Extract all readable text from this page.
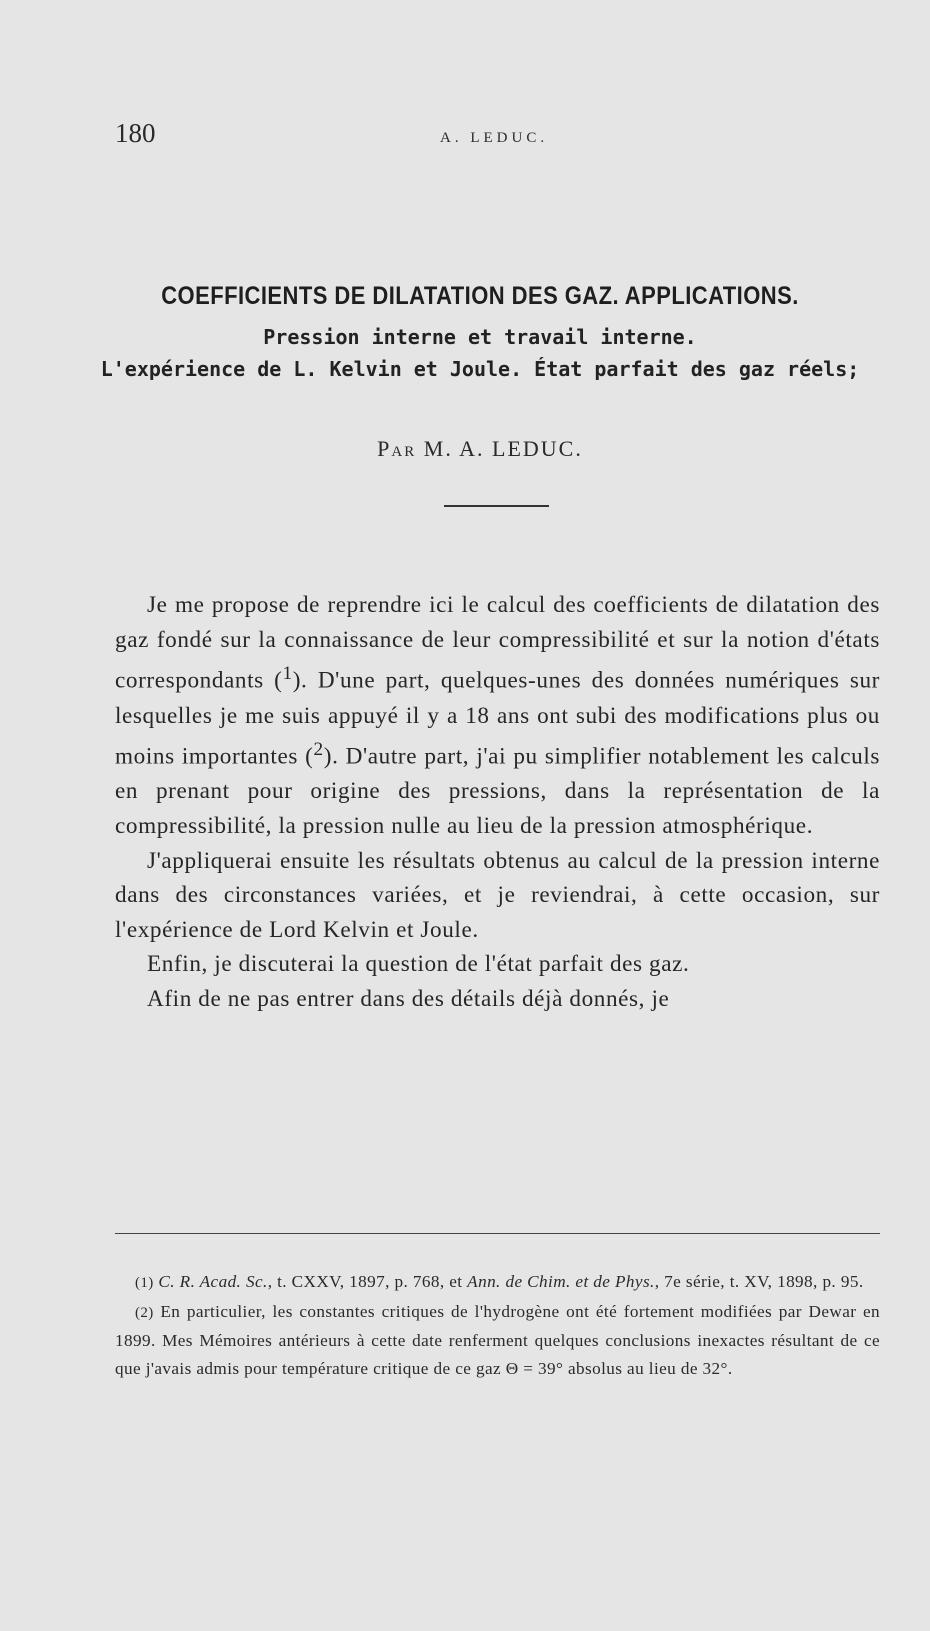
180	A. LEDUC.
COEFFICIENTS DE DILATATION DES GAZ. APPLICATIONS.
Pression interne et travail interne.
L'expérience de L. Kelvin et Joule. État parfait des gaz réels;
PAR M. A. LEDUC.

Je me propose de reprendre ici le calcul des coefficients de dilatation des gaz fondé sur la connaissance de leur compressibilité et sur la notion d'états correspondants ($^1$). D'une part, quelques-unes des données numériques sur lesquelles je me suis appuyé il y a 18 ans ont subi des modifications plus ou moins importantes ($^2$). D'autre part, j'ai pu simplifier notablement les calculs en prenant pour origine des pressions, dans la représentation de la compressibilité, la pression nulle au lieu de la pression atmosphérique.

J'appliquerai ensuite les résultats obtenus au calcul de la pression interne dans des circonstances variées, et je reviendrai, à cette occasion, sur l'expérience de Lord Kelvin et Joule.

Enfin, je discuterai la question de l'état parfait des gaz.

Afin de ne pas entrer dans des détails déjà donnés, je

(1) C. R. Acad. Sc., t. CXXV, 1897, p. 768, et Ann. de Chim. et de Phys., 7e série, t. XV, 1898, p. 95.

(2) En particulier, les constantes critiques de l'hydrogène ont été fortement modifiées par Dewar en 1899. Mes Mémoires antérieurs à cette date renferment quelques conclusions inexactes résultant de ce que j'avais admis pour température critique de ce gaz Θ = 39° absolus au lieu de 32°.
